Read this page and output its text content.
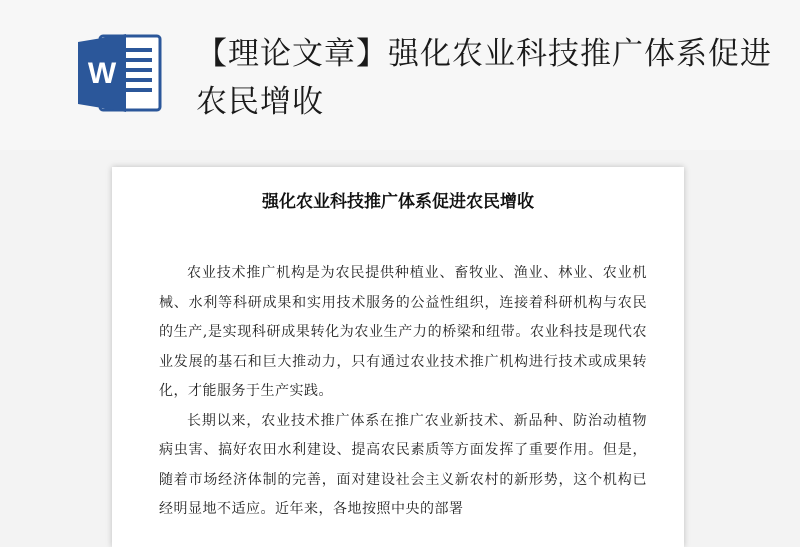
W
【理论文章】强化农业科技推广体系促进农民增收
强化农业科技推广体系促进农民增收

农业技术推广机构是为农民提供种植业、畜牧业、渔业、林业、农业机械、水利等科研成果和实用技术服务的公益性组织，连接着科研机构与农民的生产,是实现科研成果转化为农业生产力的桥梁和纽带。农业科技是现代农业发展的基石和巨大推动力，只有通过农业技术推广机构进行技术或成果转化，才能服务于生产实践。

长期以来，农业技术推广体系在推广农业新技术、新品种、防治动植物病虫害、搞好农田水利建设、提高农民素质等方面发挥了重要作用。但是，随着市场经济体制的完善，面对建设社会主义新农村的新形势，这个机构已经明显地不适应。近年来，各地按照中央的部署
